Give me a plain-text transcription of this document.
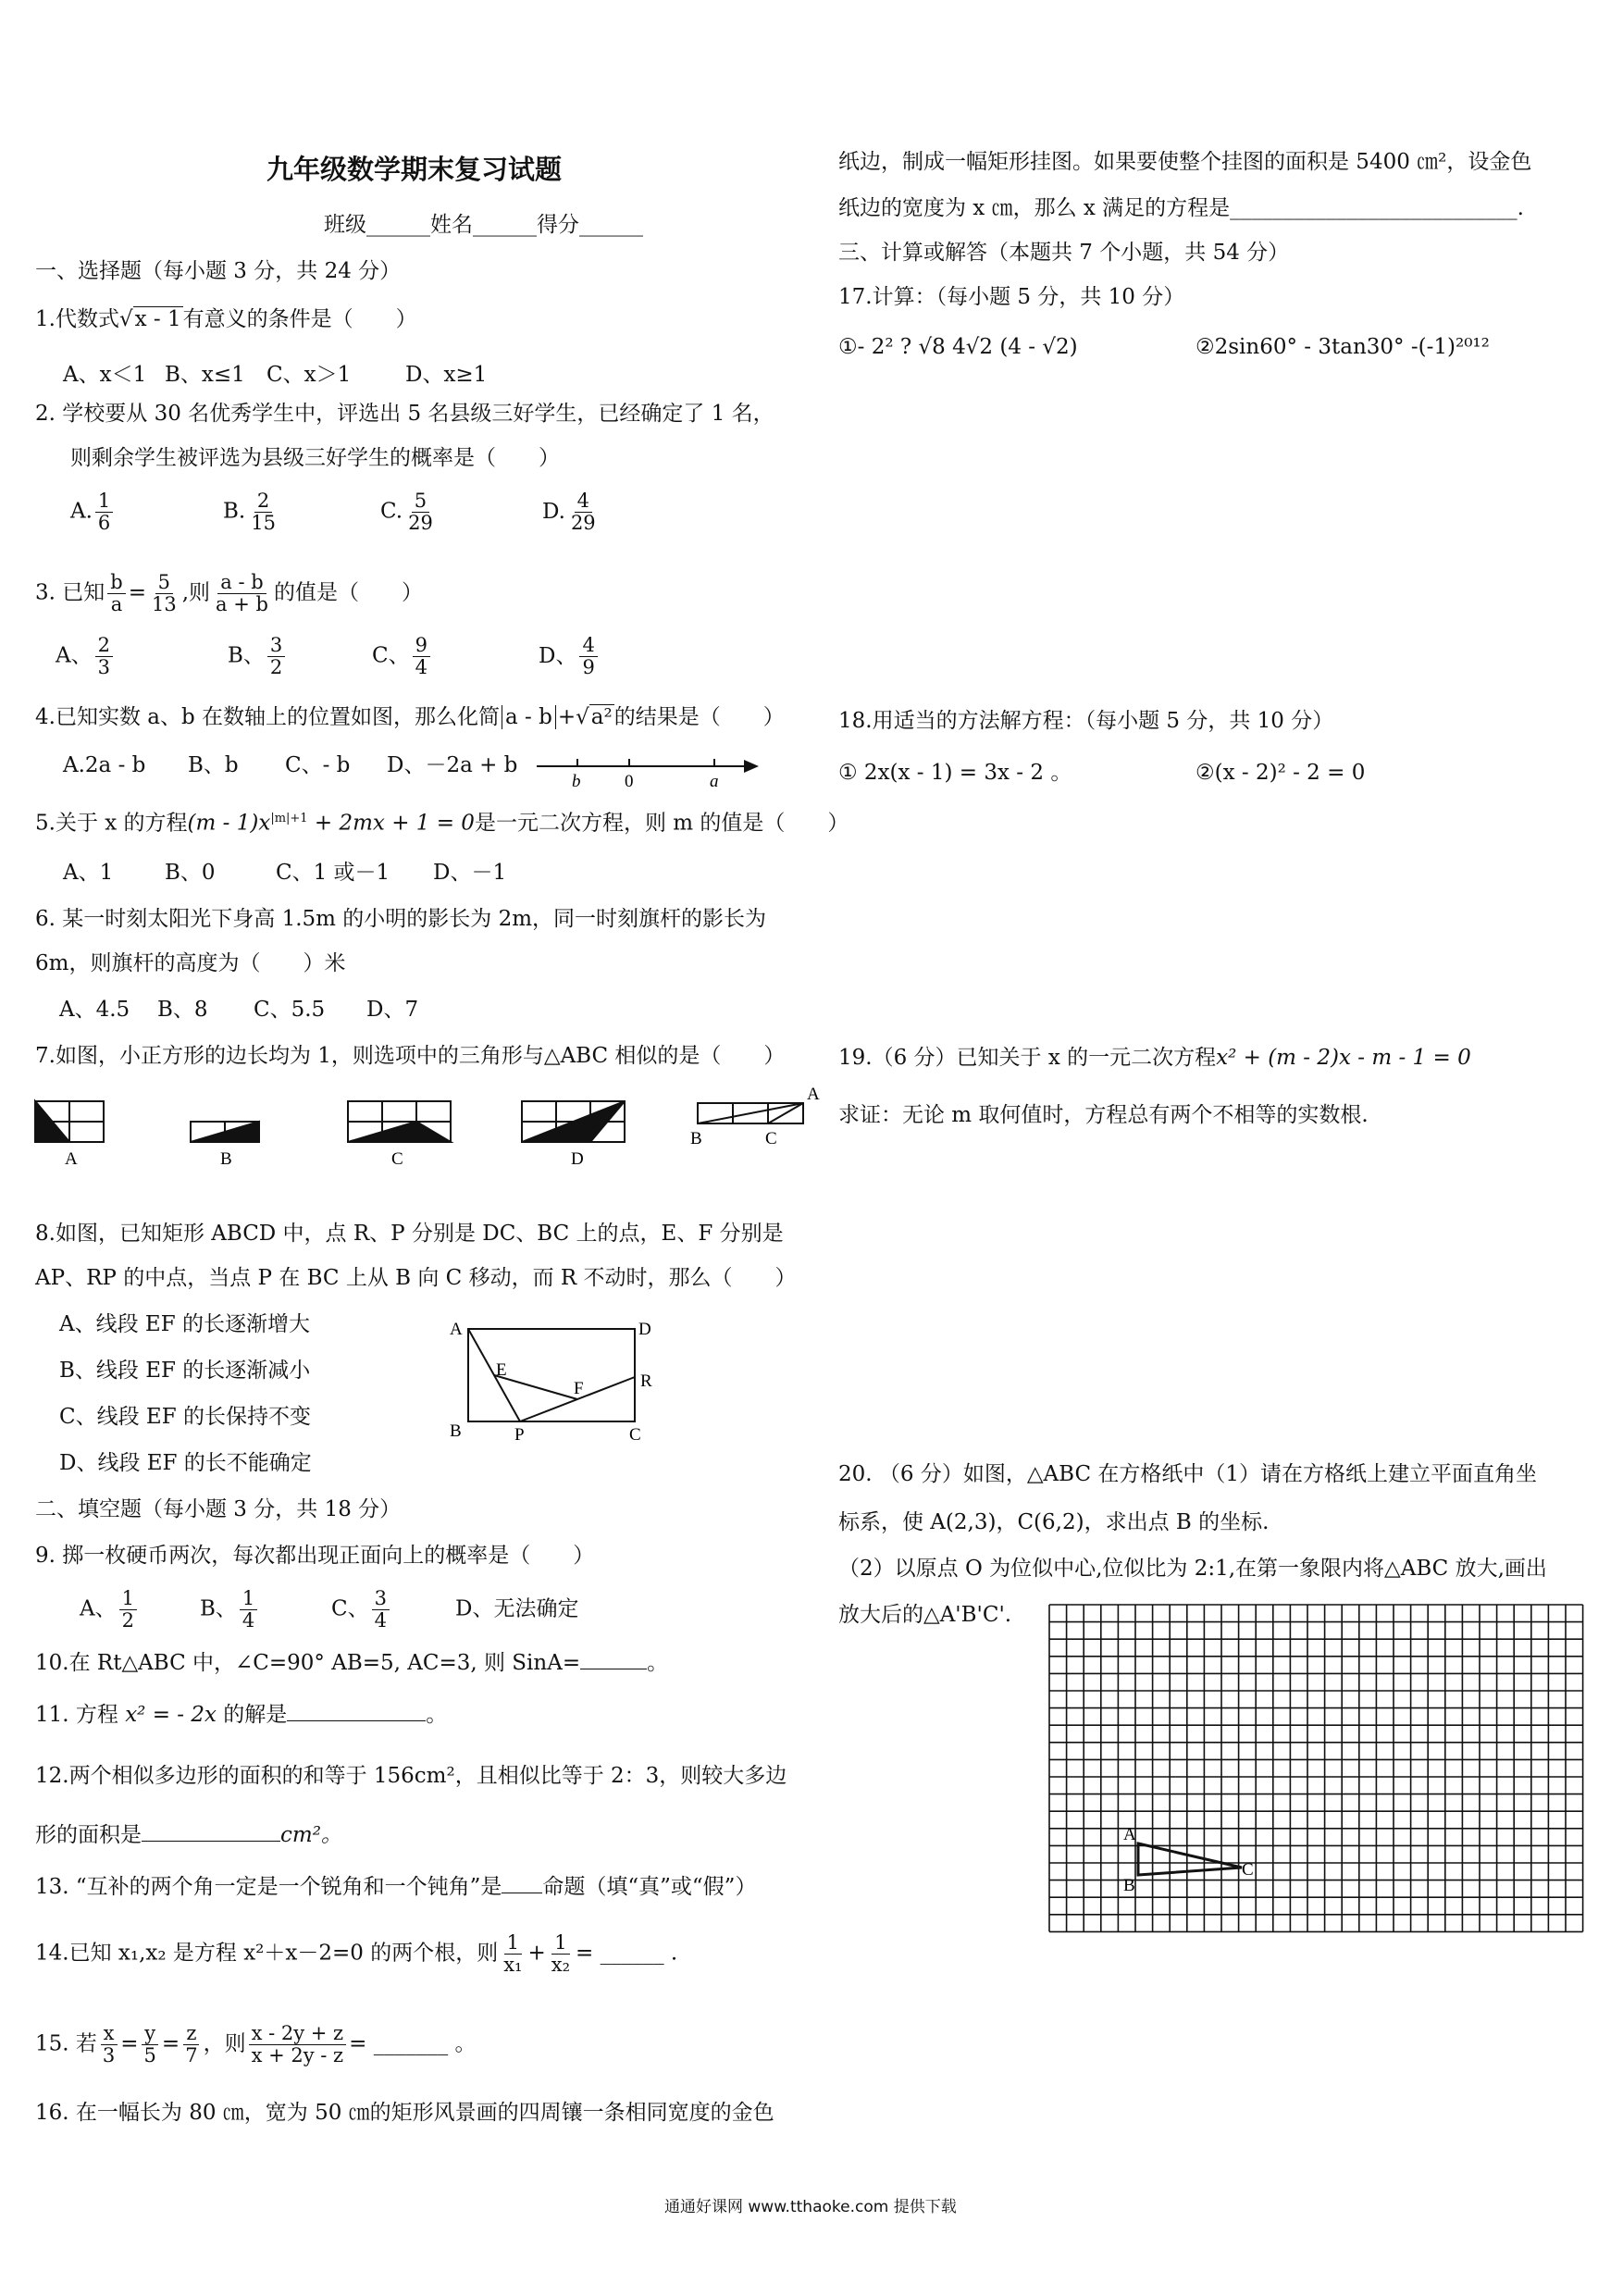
九年级数学期末复习试题
班级______姓名______得分______
一、选择题（每小题 3 分，共 24 分）
1.代数式√x - 1有意义的条件是（　　）
A、x＜1 B、x≤1 C、x＞1	D、x≥1
2. 学校要从 30 名优秀学生中，评选出 5 名县级三好学生，已经确定了 1 名，
则剩余学生被评选为县级三好学生的概率是（　　）
A. $\frac{1}{6}$	B. $\frac{2}{15}$	C. $\frac{5}{29}$	D. $\frac{4}{29}$
3. 已知 $\frac{b}{a} = \frac{5}{13}$ ,则 $\frac{a - b}{a + b}$ 的值是（　　）
A、 $\frac{2}{3}$	B、 $\frac{3}{2}$	C、 $\frac{9}{4}$	D、 $\frac{4}{9}$
4.已知实数 a、b 在数轴上的位置如图，那么化简 a - b +√a²的结果是（　　）
A.2a - b B、b C、- b D、－2a + b
b	0	a
5.关于 x 的方程$(m - 1)x^{|m|+1} + 2mx + 1 = 0$是一元二次方程，则 m 的值是（　　）
A、1 B、0	C、1 或－1 D、－1
6. 某一时刻太阳光下身高 1.5m 的小明的影长为 2m，同一时刻旗杆的影长为
6m，则旗杆的高度为（　　）米
A、4.5 B、8 C、5.5 D、7
7.如图，小正方形的边长均为 1，则选项中的三角形与△ABC 相似的是（　　）
A	B	C	D
A
B	C
8.如图，已知矩形 ABCD 中，点 R、P 分别是 DC、BC 上的点，E、F 分别是
AP、RP 的中点，当点 P 在 BC 上从 B 向 C 移动，而 R 不动时，那么（　　）
A、线段 EF 的长逐渐增大
B、线段 EF 的长逐渐减小
C、线段 EF 的长保持不变
D、线段 EF 的长不能确定
A	D
E
F	R
B	P	C
二、填空题（每小题 3 分，共 18 分）
9. 掷一枚硬币两次，每次都出现正面向上的概率是（　　）
A、 $\frac{1}{2}$	B、 $\frac{1}{4}$	C、 $\frac{3}{4}$	D、无法确定
10.在 Rt△ABC 中，∠C=90° AB=5, AC=3, 则 SinA=	。
11. 方程 x² = - 2x 的解是	。
12.两个相似多边形的面积的和等于 156cm²，且相似比等于 2：3，则较大多边
形的面积是	cm²。
13. “互补的两个角一定是一个锐角和一个钝角”是 命题（填“真”或“假”）
14.已知 x₁,x₂ 是方程 x²＋x－2=0 的两个根，则 $\frac{1}{\text{x₁}} + \frac{1}{\text{x₂}}$ = ______ .
15. 若 $\frac{x}{3} = \frac{y}{5} = \frac{z}{7}$ ，则 $\frac{x - 2y + z}{x + 2y - z}$ = _______ 。
16. 在一幅长为 80 ㎝，宽为 50 ㎝的矩形风景画的四周镶一条相同宽度的金色
纸边，制成一幅矩形挂图。如果要使整个挂图的面积是 5400 ㎝²，设金色
纸边的宽度为 x ㎝，那么 x 满足的方程是___________________________.
三、计算或解答（本题共 7 个小题，共 54 分）
17.计算：（每小题 5 分，共 10 分）
①- 2² ? √8 4√2 (4 - √2)	②2sin60° - 3tan30° -(-1)²⁰¹²
18.用适当的方法解方程：（每小题 5 分，共 10 分）
① 2x(x - 1) = 3x - 2 。	②(x - 2)² - 2 = 0
19.（6 分）已知关于 x 的一元二次方程x² + (m - 2)x - m - 1 = 0
求证：无论 m 取何值时，方程总有两个不相等的实数根.
20. （6 分）如图，△ABC 在方格纸中（1）请在方格纸上建立平面直角坐
标系，使 A(2,3)，C(6,2)，求出点 B 的坐标.
（2）以原点 O 为位似中心,位似比为 2:1,在第一象限内将△ABC 放大,画出
放大后的△A'B'C'.
A
B
C
通通好课网 www.tthaoke.com 提供下载
